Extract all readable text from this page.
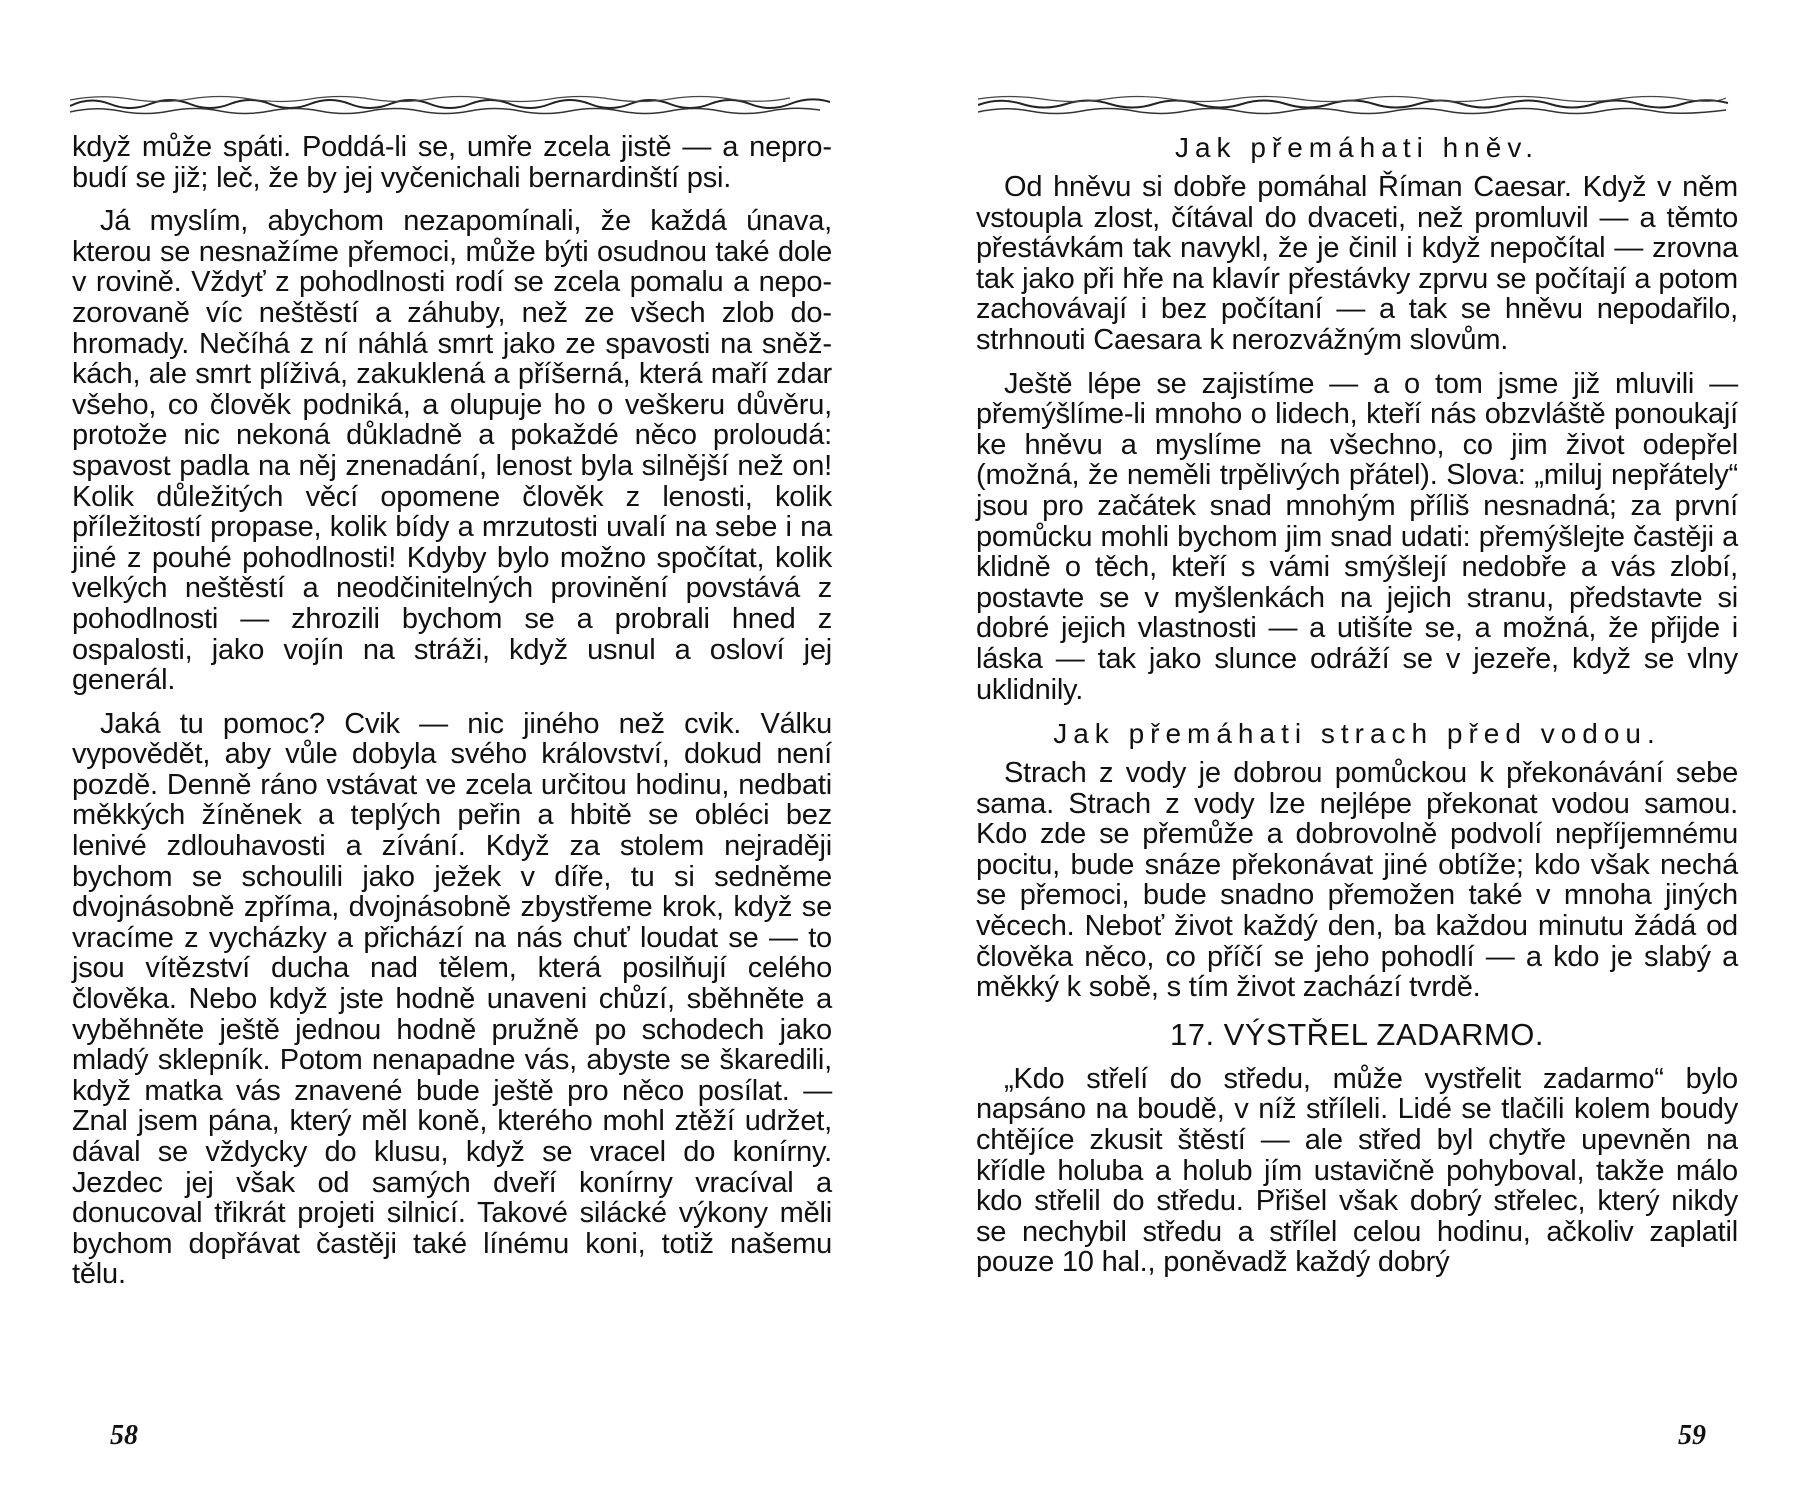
když může spáti. Poddá-li se, umře zcela jistě — a neprobudí se již; leč, že by jej vyčenichali bernardinští psi.

Já myslím, abychom nezapomínali, že každá únava, kterou se nesnažíme přemoci, může býti osudnou také dole v rovině. Vždyť z pohodlnosti rodí se zcela pomalu a nepozorovaně víc neštěstí a záhuby, než ze všech zlob dohromady. Nečíhá z ní náhlá smrt jako ze spavosti na sněžkách, ale smrt plíživá, zakuklená a příšerná, která maří zdar všeho, co člověk podniká, a olupuje ho o veškeru důvěru, protože nic nekoná důkladně a pokaždé něco proloudá: spavost padla na něj znenadání, lenost byla silnější než on! Kolik důležitých věcí opomene člověk z lenosti, kolik příležitostí propase, kolik bídy a mrzutosti uvalí na sebe i na jiné z pouhé pohodlnosti! Kdyby bylo možno spočítat, kolik velkých neštěstí a neodčinitelných provinění povstává z pohodlnosti — zhrozili bychom se a probrali hned z ospalosti, jako vojín na stráži, když usnul a osloví jej generál.

Jaká tu pomoc? Cvik — nic jiného než cvik. Válku vypovědět, aby vůle dobyla svého království, dokud není pozdě. Denně ráno vstávat ve zcela určitou hodinu, nedbati měkkých žíněnek a teplých peřin a hbitě se obléci bez lenivé zdlouhavosti a zívání. Když za stolem nejraději bychom se schoulili jako ježek v díře, tu si sedněme dvojnásobně zpříma, dvojnásobně zbystřeme krok, když se vracíme z vycházky a přichází na nás chuť loudat se — to jsou vítězství ducha nad tělem, která posilňují celého člověka. Nebo když jste hodně unaveni chůzí, sběhněte a vyběhněte ještě jednou hodně pružně po schodech jako mladý sklepník. Potom nenapadne vás, abyste se škaredili, když matka vás znavené bude ještě pro něco posílat. — Znal jsem pána, který měl koně, kterého mohl ztěží udržet, dával se vždycky do klusu, když se vracel do konírny. Jezdec jej však od samých dveří konírny vracíval a donucoval třikrát projeti silnicí. Takové silácké výkony měli bychom dopřávat častěji také línému koni, totiž našemu tělu.

58
Jak přemáhati hněv.

Od hněvu si dobře pomáhal Říman Caesar. Když v něm vstoupla zlost, čítával do dvaceti, než promluvil — a těmto přestávkám tak navykl, že je činil i když nepočítal — zrovna tak jako při hře na klavír přestávky zprvu se počítají a potom zachovávají i bez počítaní — a tak se hněvu nepodařilo, strhnouti Caesara k nerozvážným slovům.

Ještě lépe se zajistíme — a o tom jsme již mluvili — přemýšlíme-li mnoho o lidech, kteří nás obzvláště ponoukají ke hněvu a myslíme na všechno, co jim život odepřel (možná, že neměli trpělivých přátel). Slova: „miluj nepřátely“ jsou pro začátek snad mnohým příliš nesnadná; za první pomůcku mohli bychom jim snad udati: přemýšlejte častěji a klidně o těch, kteří s vámi smýšlejí nedobře a vás zlobí, postavte se v myšlenkách na jejich stranu, představte si dobré jejich vlastnosti — a utišíte se, a možná, že přijde i láska — tak jako slunce odráží se v jezeře, když se vlny uklidnily.

Jak přemáhati strach před vodou.

Strach z vody je dobrou pomůckou k překonávání sebe sama. Strach z vody lze nejlépe překonat vodou samou. Kdo zde se přemůže a dobrovolně podvolí nepříjemnému pocitu, bude snáze překonávat jiné obtíže; kdo však nechá se přemoci, bude snadno přemožen také v mnoha jiných věcech. Neboť život každý den, ba každou minutu žádá od člověka něco, co příčí se jeho pohodlí — a kdo je slabý a měkký k sobě, s tím život zachází tvrdě.

17. VÝSTŘEL ZADARMO.

„Kdo střelí do středu, může vystřelit zadarmo“ bylo napsáno na boudě, v níž stříleli. Lidé se tlačili kolem boudy chtějíce zkusit štěstí — ale střed byl chytře upevněn na křídle holuba a holub jím ustavičně pohyboval, takže málo kdo střelil do středu. Přišel však dobrý střelec, který nikdy se nechybil středu a střílel celou hodinu, ačkoliv zaplatil pouze 10 hal., poněvadž každý dobrý

59
